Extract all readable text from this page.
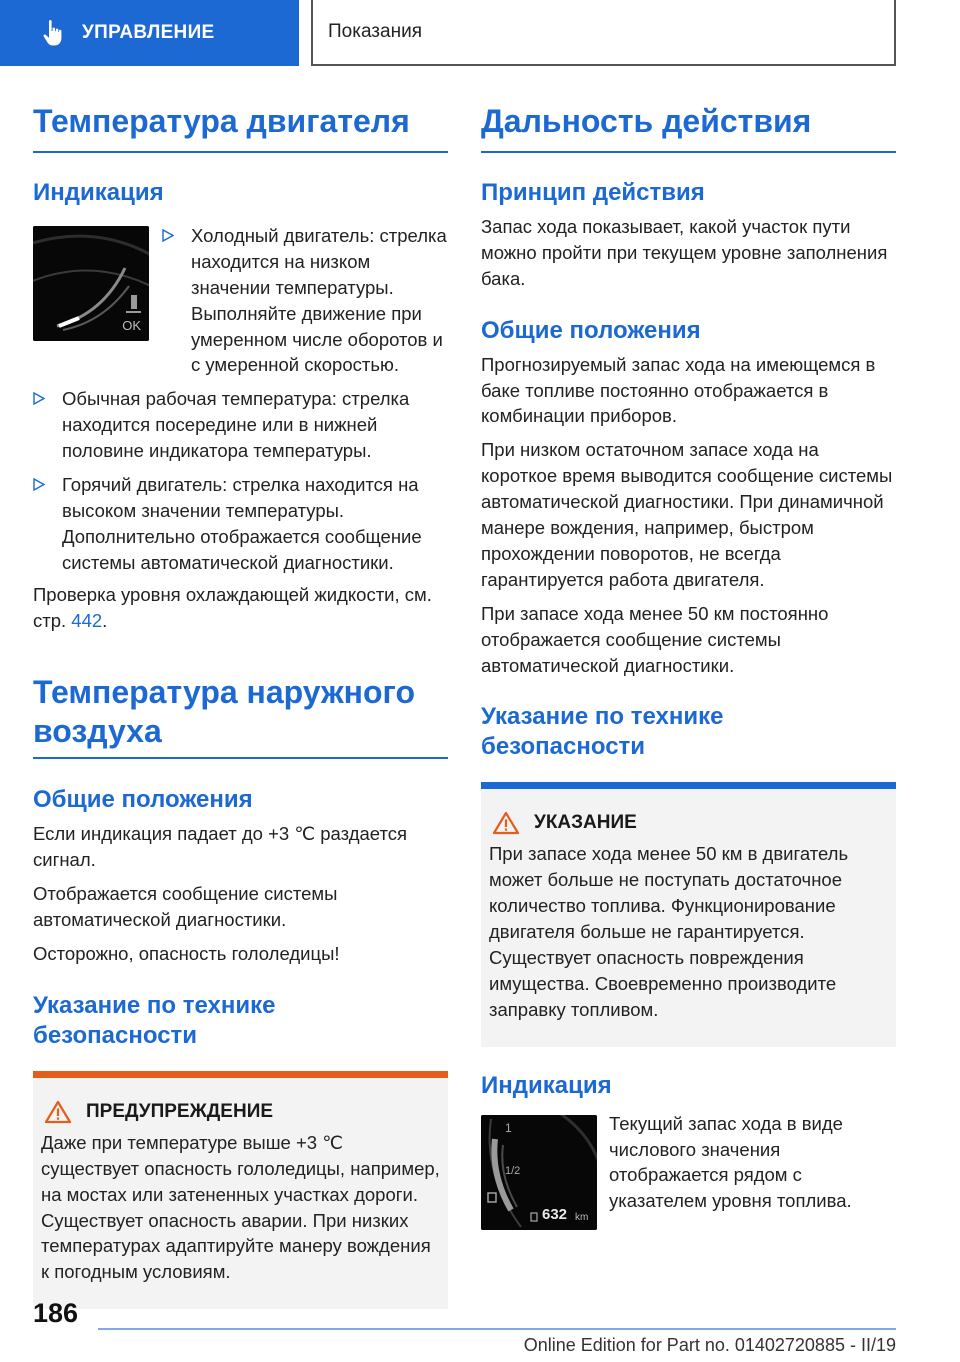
УПРАВЛЕНИЕ	Показания
Температура двигателя
Индикация
OK
Холодный двигатель: стрелка находится на низком значении температуры. Выполняйте движение при умеренном числе оборотов и с умеренной скоростью.
Обычная рабочая температура: стрелка находится посередине или в нижней половине индикатора температуры.
Горячий двигатель: стрелка находится на высоком значении температуры. Дополнительно отображается сообщение системы автоматической диагностики.

Проверка уровня охлаждающей жидкости, см. стр. 442.

Температура наружного воздуха
Общие положения

Если индикация падает до +3 ℃ раздается сигнал.

Отображается сообщение системы автоматической диагностики.

Осторожно, опасность гололедицы!

Указание по технике безопасности
ПРЕДУПРЕЖДЕНИЕ

Даже при температуре выше +3 ℃ существует опасность гололедицы, например, на мостах или затененных участках дороги. Существует опасность аварии. При низких температурах адаптируйте манеру вождения к погодным условиям.

Дальность действия
Принцип действия

Запас хода показывает, какой участок пути можно пройти при текущем уровне заполнения бака.

Общие положения

Прогнозируемый запас хода на имеющемся в баке топливе постоянно отображается в комбинации приборов.

При низком остаточном запасе хода на короткое время выводится сообщение системы автоматической диагностики. При динамичной манере вождения, например, быстром прохождении поворотов, не всегда гарантируется работа двигателя.

При запасе хода менее 50 км постоянно отображается сообщение системы автоматической диагностики.

Указание по технике безопасности
УКАЗАНИЕ

При запасе хода менее 50 км в двигатель может больше не поступать достаточное количество топлива. Функционирование двигателя больше не гарантируется. Существует опасность повреждения имущества. Своевременно производите заправку топливом.

Индикация
1
1/2
632 km

Текущий запас хода в виде числового значения отображается рядом с указателем уровня топлива.

186
Online Edition for Part no. 01402720885 - II/19
